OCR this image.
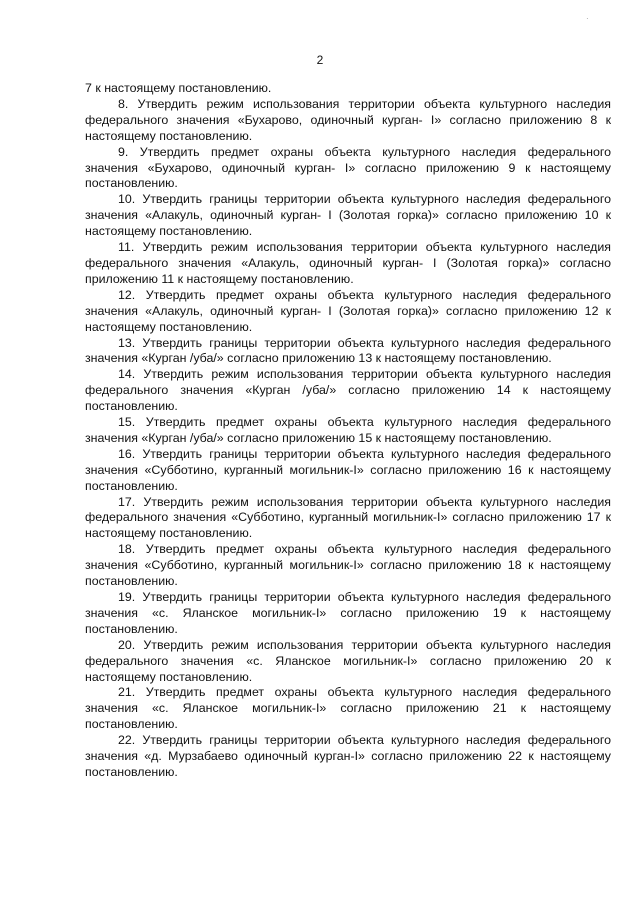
·
2

7 к настоящему постановлению.

8. Утвердить режим использования территории объекта культурного наследия федерального значения «Бухарово, одиночный курган- I» согласно приложению 8 к настоящему постановлению.

9. Утвердить предмет охраны объекта культурного наследия федерального значения «Бухарово, одиночный курган- I» согласно приложению 9 к настоящему постановлению.

10. Утвердить границы территории объекта культурного наследия федерального значения «Алакуль, одиночный курган- I (Золотая горка)» согласно приложению 10 к настоящему постановлению.

11. Утвердить режим использования территории объекта культурного наследия федерального значения «Алакуль, одиночный курган- I (Золотая горка)» согласно приложению 11 к настоящему постановлению.

12. Утвердить предмет охраны объекта культурного наследия федерального значения «Алакуль, одиночный курган- I (Золотая горка)» согласно приложению 12 к настоящему постановлению.

13. Утвердить границы территории объекта культурного наследия федерального значения «Курган /уба/» согласно приложению 13 к настоящему постановлению.

14. Утвердить режим использования территории объекта культурного наследия федерального значения «Курган /уба/» согласно приложению 14 к настоящему постановлению.

15. Утвердить предмет охраны объекта культурного наследия федерального значения «Курган /уба/» согласно приложению 15 к настоящему постановлению.

16. Утвердить границы территории объекта культурного наследия федерального значения «Субботино, курганный могильник-I» согласно приложению 16 к настоящему постановлению.

17. Утвердить режим использования территории объекта культурного наследия федерального значения «Субботино, курганный могильник-I» согласно приложению 17 к настоящему постановлению.

18. Утвердить предмет охраны объекта культурного наследия федерального значения «Субботино, курганный могильник-I» согласно приложению 18 к настоящему постановлению.

19. Утвердить границы территории объекта культурного наследия федерального значения «с. Яланское могильник-I» согласно приложению 19 к настоящему постановлению.

20. Утвердить режим использования территории объекта культурного наследия федерального значения «с. Яланское могильник-I» согласно приложению 20 к настоящему постановлению.

21. Утвердить предмет охраны объекта культурного наследия федерального значения «с. Яланское могильник-I» согласно приложению 21 к настоящему постановлению.

22. Утвердить границы территории объекта культурного наследия федерального значения «д. Мурзабаево одиночный курган-I» согласно приложению 22 к настоящему постановлению.
